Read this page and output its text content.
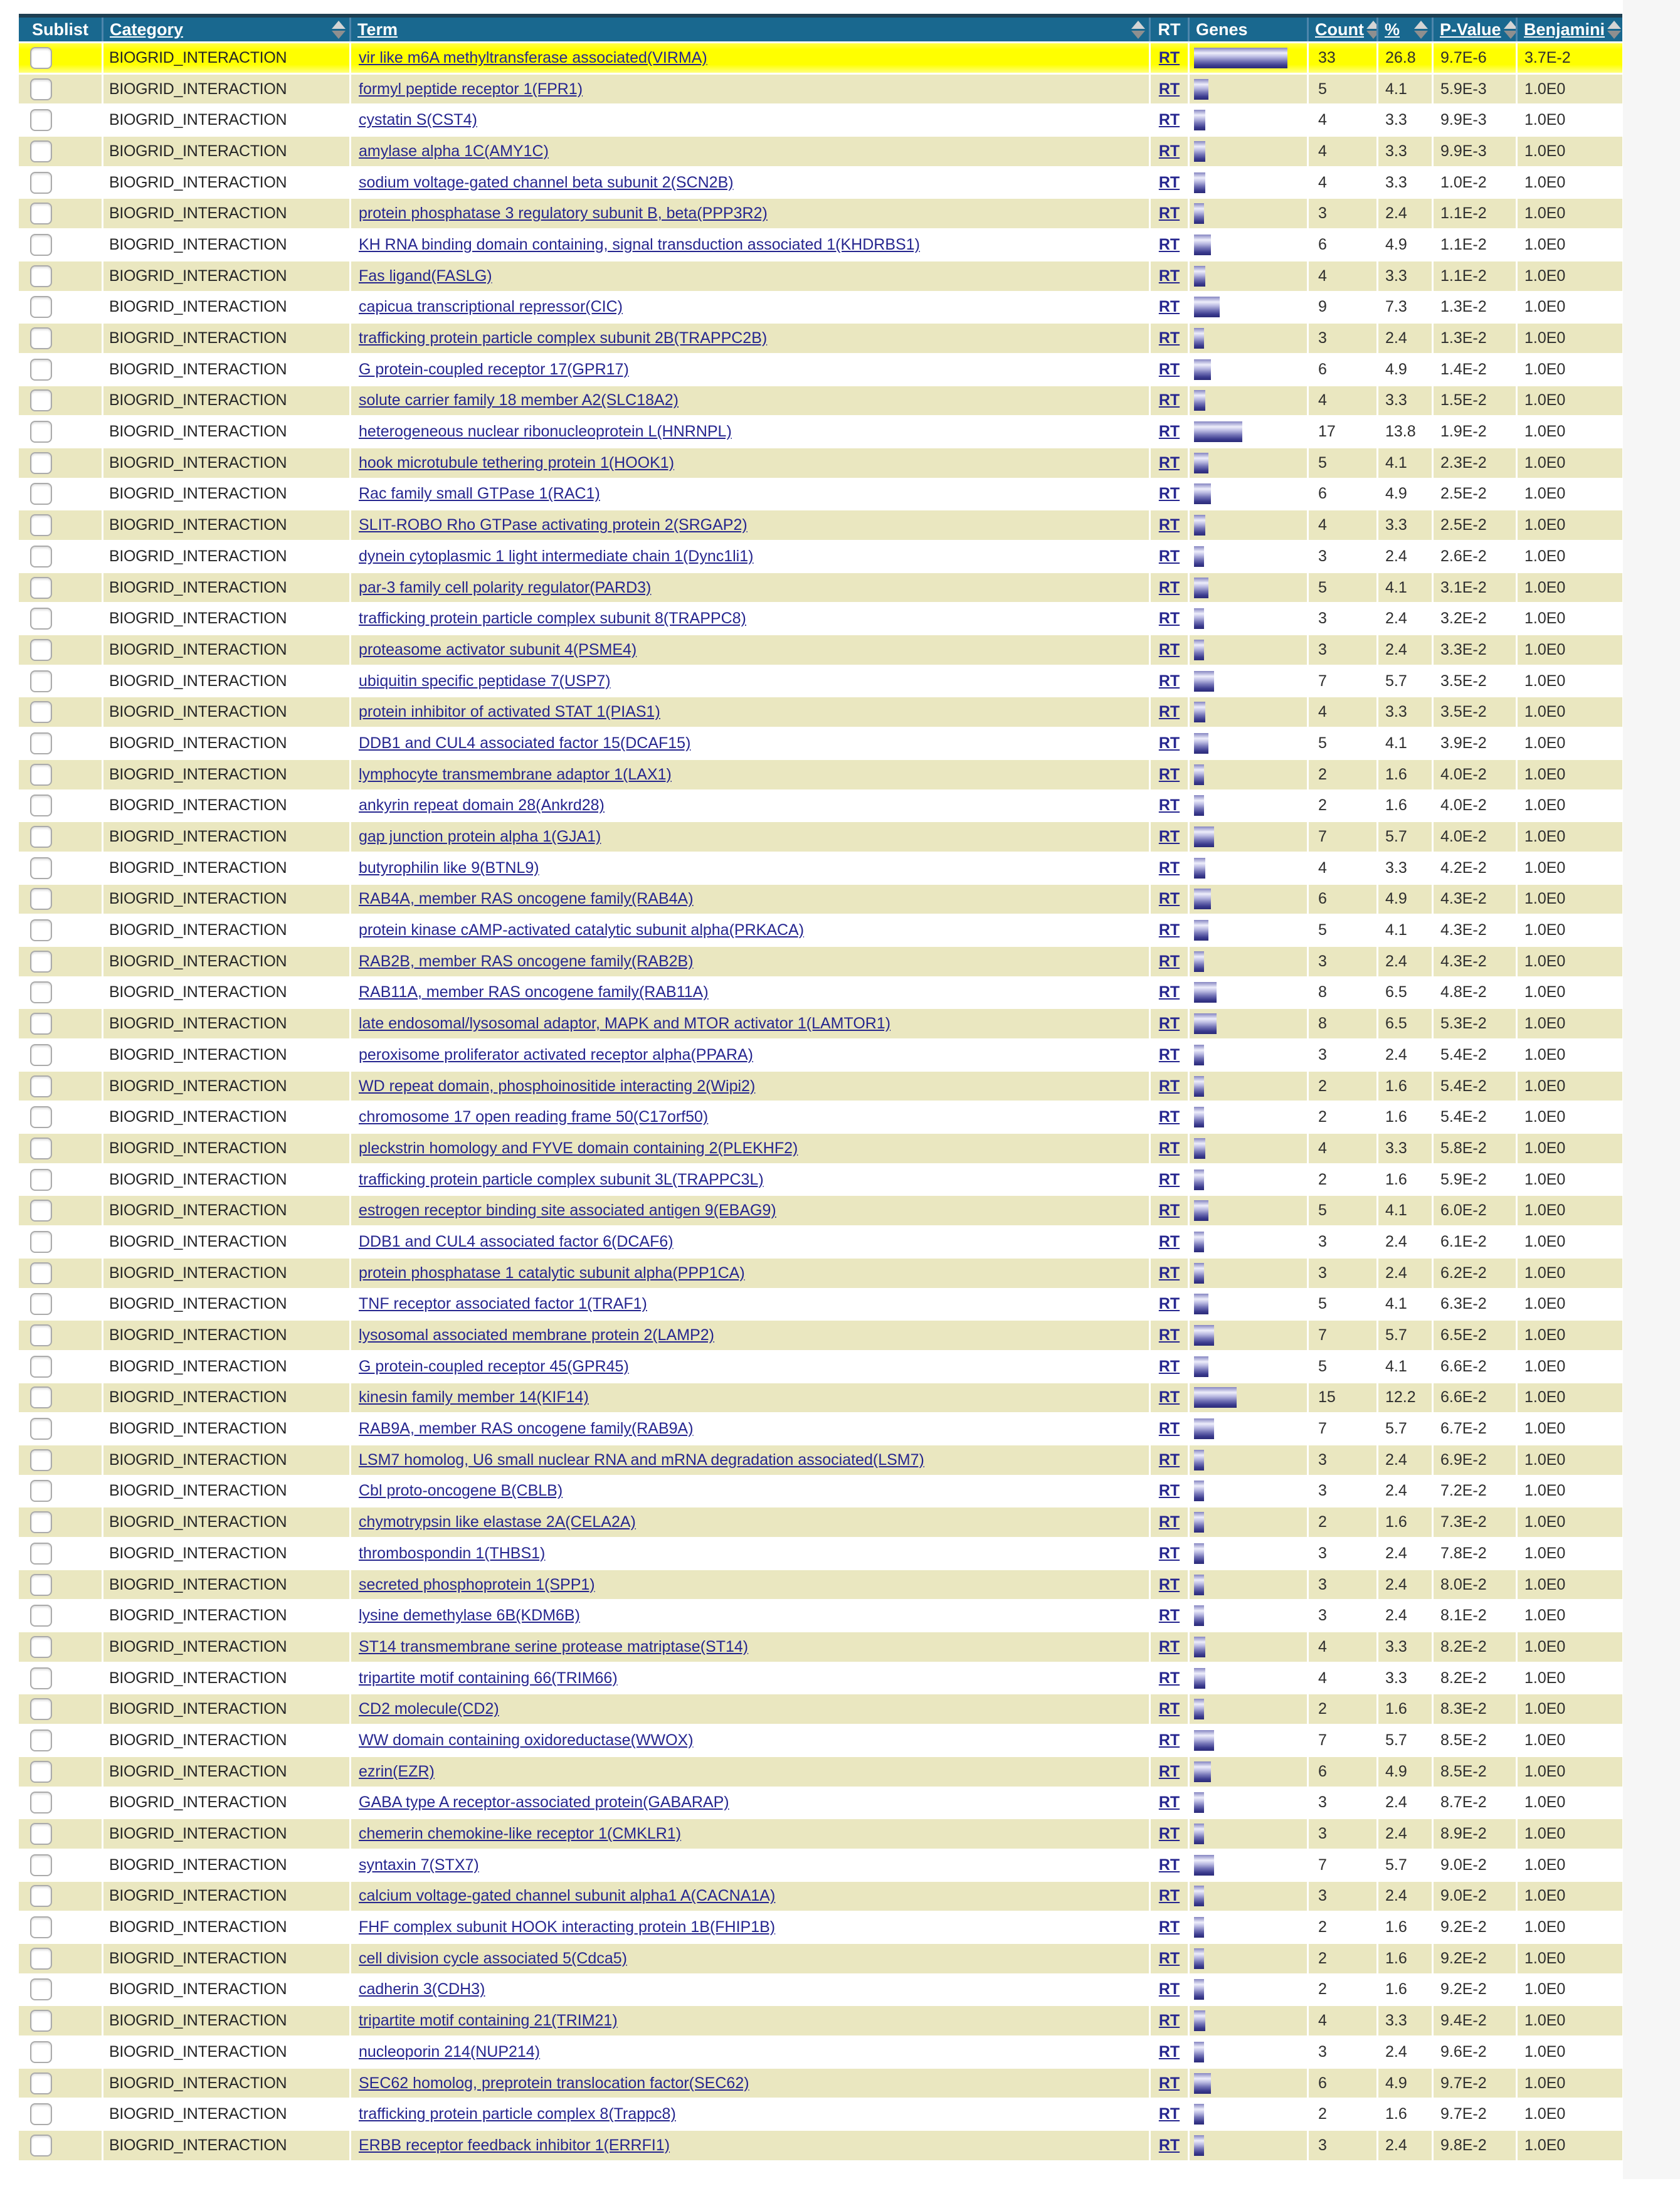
Sublist Category	Term	RT Genes	Count % P-Value Benjamini
BIOGRID_INTERACTION	vir like m6A methyltransferase associated(VIRMA)	RT	33	26.8	9.7E-6	3.7E-2
BIOGRID_INTERACTION	formyl peptide receptor 1(FPR1)	RT	5	4.1	5.9E-3	1.0E0
BIOGRID_INTERACTION	cystatin S(CST4)	RT	4	3.3	9.9E-3	1.0E0
BIOGRID_INTERACTION	amylase alpha 1C(AMY1C)	RT	4	3.3	9.9E-3	1.0E0
BIOGRID_INTERACTION	sodium voltage-gated channel beta subunit 2(SCN2B)	RT	4	3.3	1.0E-2	1.0E0
BIOGRID_INTERACTION	protein phosphatase 3 regulatory subunit B, beta(PPP3R2)	RT	3	2.4	1.1E-2	1.0E0
BIOGRID_INTERACTION	KH RNA binding domain containing, signal transduction associated 1(KHDRBS1)	RT	6	4.9	1.1E-2	1.0E0
BIOGRID_INTERACTION	Fas ligand(FASLG)	RT	4	3.3	1.1E-2	1.0E0
BIOGRID_INTERACTION	capicua transcriptional repressor(CIC)	RT	9	7.3	1.3E-2	1.0E0
BIOGRID_INTERACTION	trafficking protein particle complex subunit 2B(TRAPPC2B)	RT	3	2.4	1.3E-2	1.0E0
BIOGRID_INTERACTION	G protein-coupled receptor 17(GPR17)	RT	6	4.9	1.4E-2	1.0E0
BIOGRID_INTERACTION	solute carrier family 18 member A2(SLC18A2)	RT	4	3.3	1.5E-2	1.0E0
BIOGRID_INTERACTION	heterogeneous nuclear ribonucleoprotein L(HNRNPL)	RT	17	13.8	1.9E-2	1.0E0
BIOGRID_INTERACTION	hook microtubule tethering protein 1(HOOK1)	RT	5	4.1	2.3E-2	1.0E0
BIOGRID_INTERACTION	Rac family small GTPase 1(RAC1)	RT	6	4.9	2.5E-2	1.0E0
BIOGRID_INTERACTION	SLIT-ROBO Rho GTPase activating protein 2(SRGAP2)	RT	4	3.3	2.5E-2	1.0E0
BIOGRID_INTERACTION	dynein cytoplasmic 1 light intermediate chain 1(Dync1li1)	RT	3	2.4	2.6E-2	1.0E0
BIOGRID_INTERACTION	par-3 family cell polarity regulator(PARD3)	RT	5	4.1	3.1E-2	1.0E0
BIOGRID_INTERACTION	trafficking protein particle complex subunit 8(TRAPPC8)	RT	3	2.4	3.2E-2	1.0E0
BIOGRID_INTERACTION	proteasome activator subunit 4(PSME4)	RT	3	2.4	3.3E-2	1.0E0
BIOGRID_INTERACTION	ubiquitin specific peptidase 7(USP7)	RT	7	5.7	3.5E-2	1.0E0
BIOGRID_INTERACTION	protein inhibitor of activated STAT 1(PIAS1)	RT	4	3.3	3.5E-2	1.0E0
BIOGRID_INTERACTION	DDB1 and CUL4 associated factor 15(DCAF15)	RT	5	4.1	3.9E-2	1.0E0
BIOGRID_INTERACTION	lymphocyte transmembrane adaptor 1(LAX1)	RT	2	1.6	4.0E-2	1.0E0
BIOGRID_INTERACTION	ankyrin repeat domain 28(Ankrd28)	RT	2	1.6	4.0E-2	1.0E0
BIOGRID_INTERACTION	gap junction protein alpha 1(GJA1)	RT	7	5.7	4.0E-2	1.0E0
BIOGRID_INTERACTION	butyrophilin like 9(BTNL9)	RT	4	3.3	4.2E-2	1.0E0
BIOGRID_INTERACTION	RAB4A, member RAS oncogene family(RAB4A)	RT	6	4.9	4.3E-2	1.0E0
BIOGRID_INTERACTION	protein kinase cAMP-activated catalytic subunit alpha(PRKACA)	RT	5	4.1	4.3E-2	1.0E0
BIOGRID_INTERACTION	RAB2B, member RAS oncogene family(RAB2B)	RT	3	2.4	4.3E-2	1.0E0
BIOGRID_INTERACTION	RAB11A, member RAS oncogene family(RAB11A)	RT	8	6.5	4.8E-2	1.0E0
BIOGRID_INTERACTION	late endosomal/lysosomal adaptor, MAPK and MTOR activator 1(LAMTOR1)	RT	8	6.5	5.3E-2	1.0E0
BIOGRID_INTERACTION	peroxisome proliferator activated receptor alpha(PPARA)	RT	3	2.4	5.4E-2	1.0E0
BIOGRID_INTERACTION	WD repeat domain, phosphoinositide interacting 2(Wipi2)	RT	2	1.6	5.4E-2	1.0E0
BIOGRID_INTERACTION	chromosome 17 open reading frame 50(C17orf50)	RT	2	1.6	5.4E-2	1.0E0
BIOGRID_INTERACTION	pleckstrin homology and FYVE domain containing 2(PLEKHF2)	RT	4	3.3	5.8E-2	1.0E0
BIOGRID_INTERACTION	trafficking protein particle complex subunit 3L(TRAPPC3L)	RT	2	1.6	5.9E-2	1.0E0
BIOGRID_INTERACTION	estrogen receptor binding site associated antigen 9(EBAG9)	RT	5	4.1	6.0E-2	1.0E0
BIOGRID_INTERACTION	DDB1 and CUL4 associated factor 6(DCAF6)	RT	3	2.4	6.1E-2	1.0E0
BIOGRID_INTERACTION	protein phosphatase 1 catalytic subunit alpha(PPP1CA)	RT	3	2.4	6.2E-2	1.0E0
BIOGRID_INTERACTION	TNF receptor associated factor 1(TRAF1)	RT	5	4.1	6.3E-2	1.0E0
BIOGRID_INTERACTION	lysosomal associated membrane protein 2(LAMP2)	RT	7	5.7	6.5E-2	1.0E0
BIOGRID_INTERACTION	G protein-coupled receptor 45(GPR45)	RT	5	4.1	6.6E-2	1.0E0
BIOGRID_INTERACTION	kinesin family member 14(KIF14)	RT	15	12.2	6.6E-2	1.0E0
BIOGRID_INTERACTION	RAB9A, member RAS oncogene family(RAB9A)	RT	7	5.7	6.7E-2	1.0E0
BIOGRID_INTERACTION	LSM7 homolog, U6 small nuclear RNA and mRNA degradation associated(LSM7)	RT	3	2.4	6.9E-2	1.0E0
BIOGRID_INTERACTION	Cbl proto-oncogene B(CBLB)	RT	3	2.4	7.2E-2	1.0E0
BIOGRID_INTERACTION	chymotrypsin like elastase 2A(CELA2A)	RT	2	1.6	7.3E-2	1.0E0
BIOGRID_INTERACTION	thrombospondin 1(THBS1)	RT	3	2.4	7.8E-2	1.0E0
BIOGRID_INTERACTION	secreted phosphoprotein 1(SPP1)	RT	3	2.4	8.0E-2	1.0E0
BIOGRID_INTERACTION	lysine demethylase 6B(KDM6B)	RT	3	2.4	8.1E-2	1.0E0
BIOGRID_INTERACTION	ST14 transmembrane serine protease matriptase(ST14)	RT	4	3.3	8.2E-2	1.0E0
BIOGRID_INTERACTION	tripartite motif containing 66(TRIM66)	RT	4	3.3	8.2E-2	1.0E0
BIOGRID_INTERACTION	CD2 molecule(CD2)	RT	2	1.6	8.3E-2	1.0E0
BIOGRID_INTERACTION	WW domain containing oxidoreductase(WWOX)	RT	7	5.7	8.5E-2	1.0E0
BIOGRID_INTERACTION	ezrin(EZR)	RT	6	4.9	8.5E-2	1.0E0
BIOGRID_INTERACTION	GABA type A receptor-associated protein(GABARAP)	RT	3	2.4	8.7E-2	1.0E0
BIOGRID_INTERACTION	chemerin chemokine-like receptor 1(CMKLR1)	RT	3	2.4	8.9E-2	1.0E0
BIOGRID_INTERACTION	syntaxin 7(STX7)	RT	7	5.7	9.0E-2	1.0E0
BIOGRID_INTERACTION	calcium voltage-gated channel subunit alpha1 A(CACNA1A)	RT	3	2.4	9.0E-2	1.0E0
BIOGRID_INTERACTION	FHF complex subunit HOOK interacting protein 1B(FHIP1B)	RT	2	1.6	9.2E-2	1.0E0
BIOGRID_INTERACTION	cell division cycle associated 5(Cdca5)	RT	2	1.6	9.2E-2	1.0E0
BIOGRID_INTERACTION	cadherin 3(CDH3)	RT	2	1.6	9.2E-2	1.0E0
BIOGRID_INTERACTION	tripartite motif containing 21(TRIM21)	RT	4	3.3	9.4E-2	1.0E0
BIOGRID_INTERACTION	nucleoporin 214(NUP214)	RT	3	2.4	9.6E-2	1.0E0
BIOGRID_INTERACTION	SEC62 homolog, preprotein translocation factor(SEC62)	RT	6	4.9	9.7E-2	1.0E0
BIOGRID_INTERACTION	trafficking protein particle complex 8(Trappc8)	RT	2	1.6	9.7E-2	1.0E0
BIOGRID_INTERACTION	ERBB receptor feedback inhibitor 1(ERRFI1)	RT	3	2.4	9.8E-2	1.0E0
